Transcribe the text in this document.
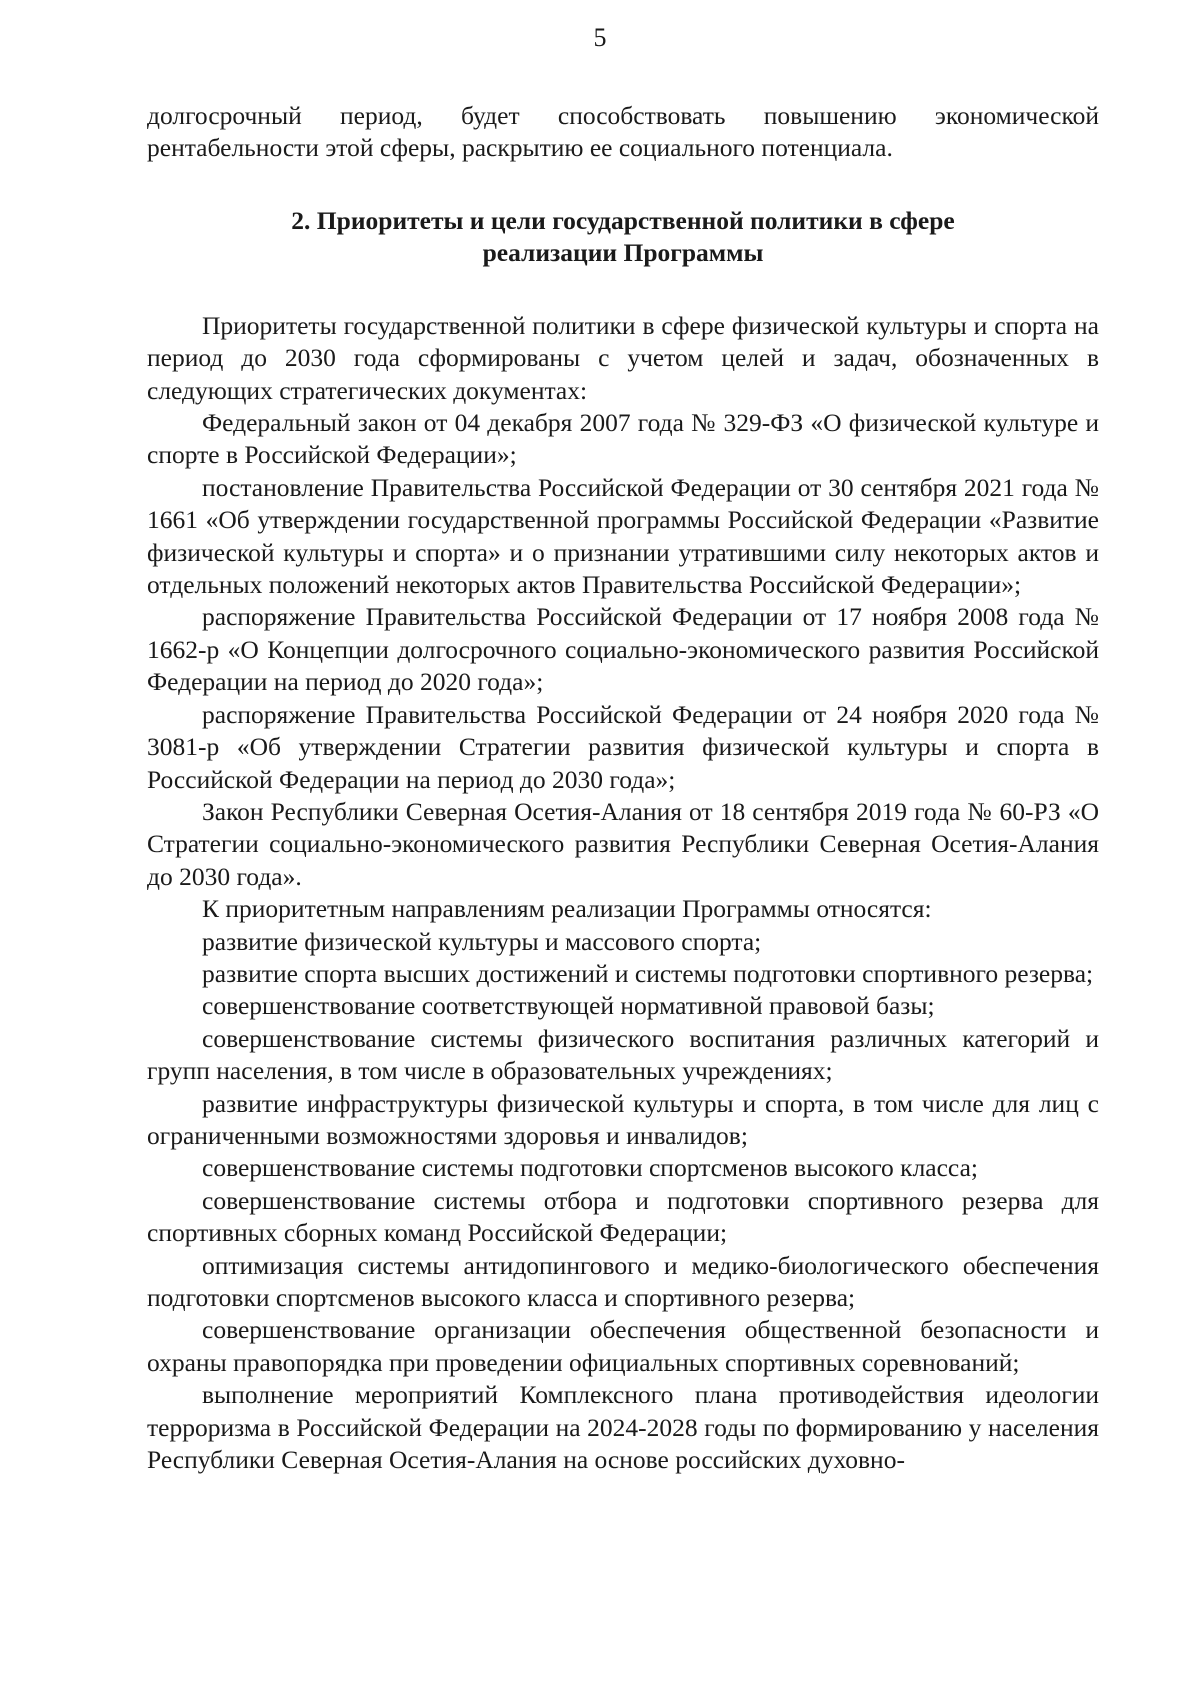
5

долгосрочный период, будет способствовать повышению экономической рентабельности этой сферы, раскрытию ее социального потенциала.

2. Приоритеты и цели государственной политики в сфере
реализации Программы

Приоритеты государственной политики в сфере физической культуры и спорта на период до 2030 года сформированы с учетом целей и задач, обозначенных в следующих стратегических документах:

Федеральный закон от 04 декабря 2007 года № 329-ФЗ «О физической культуре и спорте в Российской Федерации»;

постановление Правительства Российской Федерации от 30 сентября 2021 года № 1661 «Об утверждении государственной программы Российской Федерации «Развитие физической культуры и спорта» и о признании утратившими силу некоторых актов и отдельных положений некоторых актов Правительства Российской Федерации»;

распоряжение Правительства Российской Федерации от 17 ноября 2008 года № 1662-р «О Концепции долгосрочного социально-экономического развития Российской Федерации на период до 2020 года»;

распоряжение Правительства Российской Федерации от 24 ноября 2020 года № 3081-р «Об утверждении Стратегии развития физической культуры и спорта в Российской Федерации на период до 2030 года»;

Закон Республики Северная Осетия-Алания от 18 сентября 2019 года № 60-РЗ «О Стратегии социально-экономического развития Республики Северная Осетия-Алания до 2030 года».

К приоритетным направлениям реализации Программы относятся:

развитие физической культуры и массового спорта;

развитие спорта высших достижений и системы подготовки спортивного резерва;

совершенствование соответствующей нормативной правовой базы;

совершенствование системы физического воспитания различных категорий и групп населения, в том числе в образовательных учреждениях;

развитие инфраструктуры физической культуры и спорта, в том числе для лиц с ограниченными возможностями здоровья и инвалидов;

совершенствование системы подготовки спортсменов высокого класса;

совершенствование системы отбора и подготовки спортивного резерва для спортивных сборных команд Российской Федерации;

оптимизация системы антидопингового и медико-биологического обеспечения подготовки спортсменов высокого класса и спортивного резерва;

совершенствование организации обеспечения общественной безопасности и охраны правопорядка при проведении официальных спортивных соревнований;

выполнение мероприятий Комплексного плана противодействия идеологии терроризма в Российской Федерации на 2024-2028 годы по формированию у населения Республики Северная Осетия-Алания на основе российских духовно-
